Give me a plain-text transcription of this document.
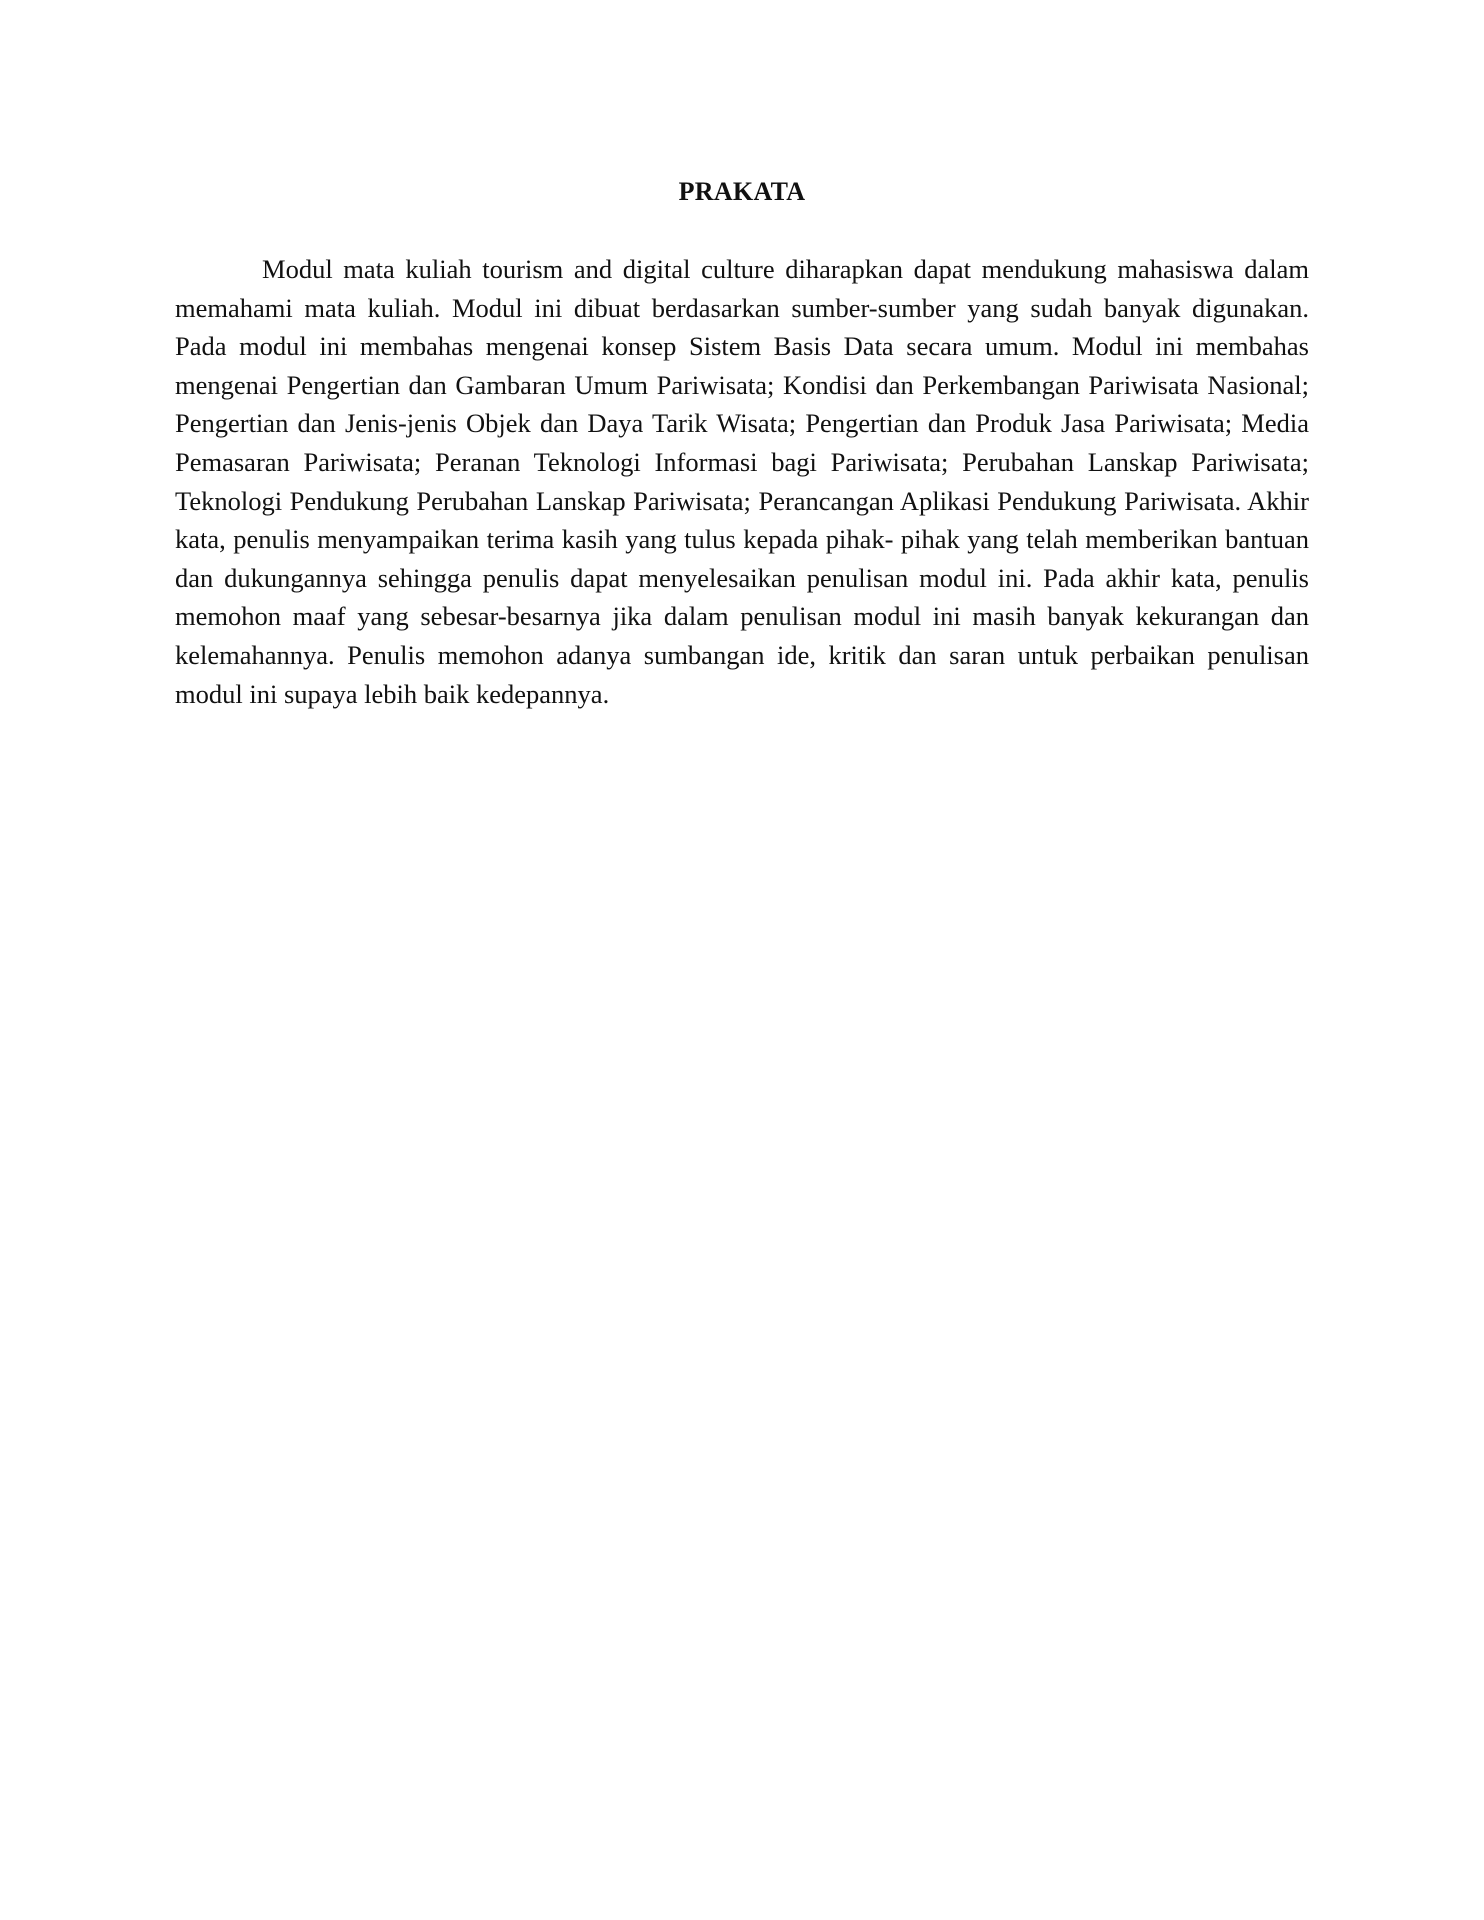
PRAKATA

Modul mata kuliah tourism and digital culture diharapkan dapat mendukung mahasiswa dalam memahami mata kuliah. Modul ini dibuat berdasarkan sumber-sumber yang sudah banyak digunakan. Pada modul ini membahas mengenai konsep Sistem Basis Data secara umum. Modul ini membahas mengenai Pengertian dan Gambaran Umum Pariwisata; Kondisi dan Perkembangan Pariwisata Nasional; Pengertian dan Jenis-jenis Objek dan Daya Tarik Wisata; Pengertian dan Produk Jasa Pariwisata; Media Pemasaran Pariwisata; Peranan Teknologi Informasi bagi Pariwisata; Perubahan Lanskap Pariwisata; Teknologi Pendukung Perubahan Lanskap Pariwisata; Perancangan Aplikasi Pendukung Pariwisata. Akhir kata, penulis menyampaikan terima kasih yang tulus kepada pihak- pihak yang telah memberikan bantuan dan dukungannya sehingga penulis dapat menyelesaikan penulisan modul ini. Pada akhir kata, penulis memohon maaf yang sebesar-besarnya jika dalam penulisan modul ini masih banyak kekurangan dan kelemahannya. Penulis memohon adanya sumbangan ide, kritik dan saran untuk perbaikan penulisan modul ini supaya lebih baik kedepannya.
